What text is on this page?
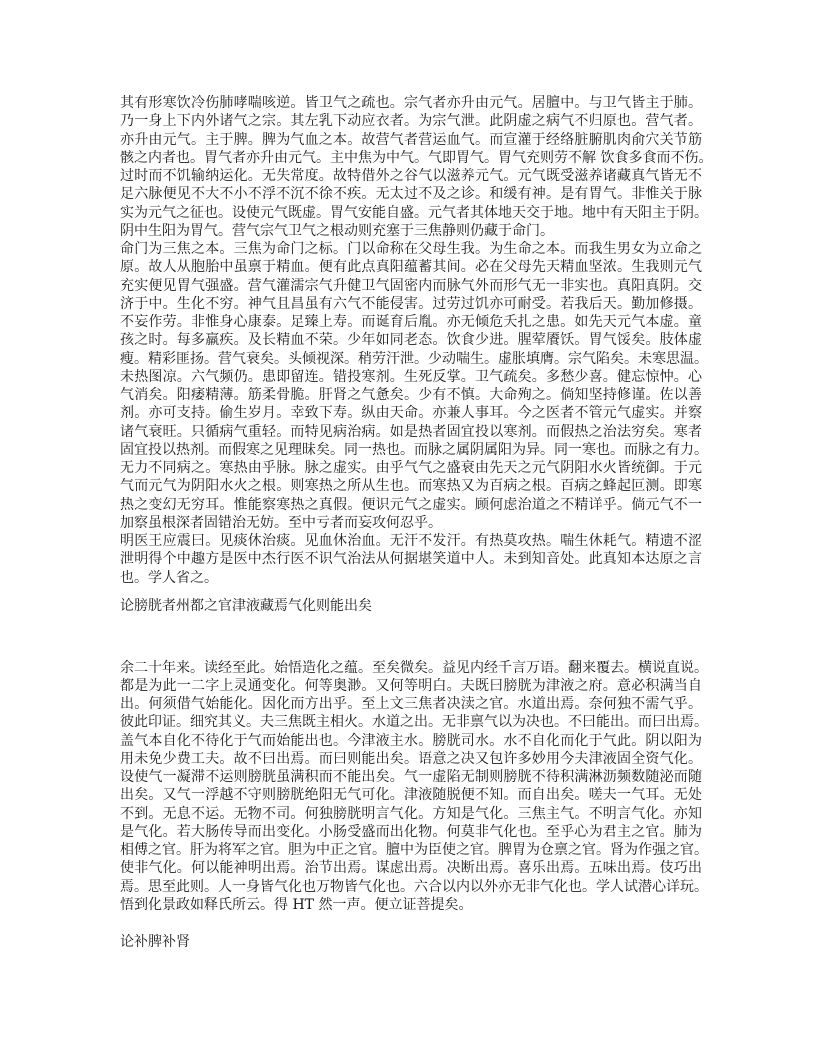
其有形寒饮冷伤肺哮喘咳逆。皆卫气之疏也。宗气者亦升由元气。居膻中。与卫气皆主于肺。
乃一身上下内外诸气之宗。其左乳下动应衣者。为宗气泄。此阴虚之病气不归原也。营气者。
亦升由元气。主于脾。脾为气血之本。故营气者营运血气。而宣灌于经络脏腑肌肉俞穴关节筋
骸之内者也。胃气者亦升由元气。主中焦为中气。气即胃气。胃气充则劳不解 饮食多食而不伤。
过时而不饥输纳运化。无失常度。故特借外之谷气以滋养元气。元气既受滋养诸藏真气皆无不
足六脉便见不大不小不浮不沉不徐不疾。无太过不及之诊。和缓有神。是有胃气。非惟关于脉
实为元气之征也。设使元气既虚。胃气安能自盛。元气者其体地天交于地。地中有天阳主于阴。
阴中生阳为胃气。营气宗气卫气之根动则充塞于三焦静则仍藏于命门。
命门为三焦之本。三焦为命门之标。门以命称在父母生我。为生命之本。而我生男女为立命之
原。故人从胞胎中虽禀于精血。便有此点真阳蕴蓄其间。必在父母先天精血坚浓。生我则元气
充实便见胃气强盛。营气灌濡宗气升健卫气固密内而脉气外而形气无一非实也。真阳真阴。交
济于中。生化不穷。神气且昌虽有六气不能侵害。过劳过饥亦可耐受。若我后天。勤加修摄。
不妄作劳。非惟身心康泰。足臻上寿。而诞育后胤。亦无倾危夭扎之患。如先天元气本虚。童
孩之时。每多羸疾。及长精血不荣。少年如同老态。饮食少进。腥荤餍饫。胃气馁矣。肢体虚
瘦。精彩匪扬。营气衰矣。头倾视深。稍劳汗泄。少动喘生。虚胀填膺。宗气陷矣。未寒思温。
未热图凉。六气频仍。患即留连。错投寒剂。生死反掌。卫气疏矣。多愁少喜。健忘惊忡。心
气消矣。阳痿精薄。筋柔骨脆。肝肾之气惫矣。少有不慎。大命殉之。倘知坚持修谨。佐以善
剂。亦可支持。偷生岁月。幸致下寿。纵由天命。亦兼人事耳。今之医者不管元气虚实。并察
诸气衰旺。只循病气重轻。而特见病治病。如是热者固宜投以寒剂。而假热之治法穷矣。寒者
固宜投以热剂。而假寒之见理昧矣。同一热也。而脉之属阴属阳为异。同一寒也。而脉之有力。
无力不同病之。寒热由乎脉。脉之虚实。由乎气气之盛衰由先天之元气阴阳水火皆统御。于元
气而元气为阴阳水火之根。则寒热之所从生也。而寒热又为百病之根。百病之蜂起叵测。即寒
热之变幻无穷耳。惟能察寒热之真假。便识元气之虚实。顾何虑治道之不精详乎。倘元气不一
加察虽根深者固错治无妨。至中亏者而妄攻何忍乎。
明医王应震曰。见痰休治痰。见血休治血。无汗不发汗。有热莫攻热。喘生休耗气。精遗不涩
泄明得个中趣方是医中杰行医不识气治法从何据堪笑道中人。未到知音处。此真知本达原之言
也。学人省之。
论膀胱者州都之官津液藏焉气化则能出矣
余二十年来。读经至此。始悟造化之蕴。至矣微矣。益见内经千言万语。翻来覆去。横说直说。
都是为此一二字上灵通变化。何等奥渺。又何等明白。夫既曰膀胱为津液之府。意必积满当自
出。何须借气始能化。因化而方出乎。至上文三焦者决渎之官。水道出焉。奈何独不需气乎。
彼此印证。细究其义。夫三焦既主相火。水道之出。无非禀气以为决也。不曰能出。而曰出焉。
盖气本自化不待化于气而始能出也。今津液主水。膀胱司水。水不自化而化于气此。阴以阳为
用未免少费工夫。故不曰出焉。而曰则能出矣。语意之决又包许多妙用今夫津液固全资气化。
设使气一凝滞不运则膀胱虽满积而不能出矣。气一虚陷无制则膀胱不待积满淋沥频数随泌而随
出矣。又气一浮越不守则膀胱绝阳无气可化。津液随脱便不知。而自出矣。嗟夫一气耳。无处
不到。无息不运。无物不司。何独膀胱明言气化。方知是气化。三焦主气。不明言气化。亦知
是气化。若大肠传导而出变化。小肠受盛而出化物。何莫非气化也。至乎心为君主之官。肺为
相傅之官。肝为将军之官。胆为中正之官。膻中为臣使之官。脾胃为仓禀之官。肾为作强之官。
使非气化。何以能神明出焉。治节出焉。谋虑出焉。决断出焉。喜乐出焉。五味出焉。伎巧出
焉。思至此则。人一身皆气化也万物皆气化也。六合以内以外亦无非气化也。学人试潜心详玩。
悟到化景政如释氏所云。得 HT 然一声。便立证菩提矣。
论补脾补肾
